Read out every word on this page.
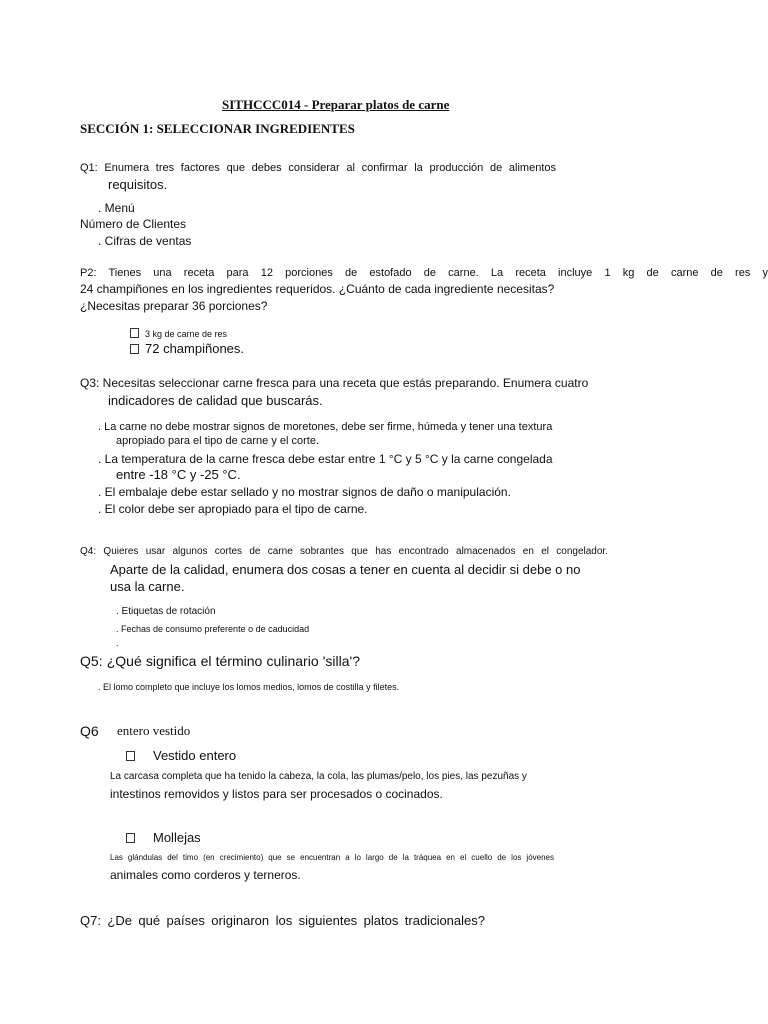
SITHCCC014 - Preparar platos de carne
SECCIÓN 1: SELECCIONAR INGREDIENTES
Q1: Enumera tres factores que debes considerar al confirmar la producción de alimentos
requisitos.
. Menú
Número de Clientes
. Cifras de ventas
P2: Tienes una receta para 12 porciones de estofado de carne. La receta incluye 1 kg de carne de res y
24 champiñones en los ingredientes requeridos. ¿Cuánto de cada ingrediente necesitas?
¿Necesitas preparar 36 porciones?
3 kg de carne de res
72 champiñones.
Q3: Necesitas seleccionar carne fresca para una receta que estás preparando. Enumera cuatro
indicadores de calidad que buscarás.
. La carne no debe mostrar signos de moretones, debe ser firme, húmeda y tener una textura
apropiado para el tipo de carne y el corte.
. La temperatura de la carne fresca debe estar entre 1 °C y 5 °C y la carne congelada
entre -18 °C y -25 °C.
. El embalaje debe estar sellado y no mostrar signos de daño o manipulación.
. El color debe ser apropiado para el tipo de carne.
Q4: Quieres usar algunos cortes de carne sobrantes que has encontrado almacenados en el congelador.
Aparte de la calidad, enumera dos cosas a tener en cuenta al decidir si debe o no
usa la carne.
. Etiquetas de rotación
. Fechas de consumo preferente o de caducidad
.
Q5: ¿Qué significa el término culinario 'silla'?
. El lomo completo que incluye los lomos medios, lomos de costilla y filetes.
Q6 entero vestido
Vestido entero
La carcasa completa que ha tenido la cabeza, la cola, las plumas/pelo, los pies, las pezuñas y
intestinos removidos y listos para ser procesados o cocinados.
Mollejas
Las glándulas del timo (en crecimiento) que se encuentran a lo largo de la tráquea en el cuello de los jóvenes
animales como corderos y terneros.
Q7: ¿De qué países originaron los siguientes platos tradicionales?
